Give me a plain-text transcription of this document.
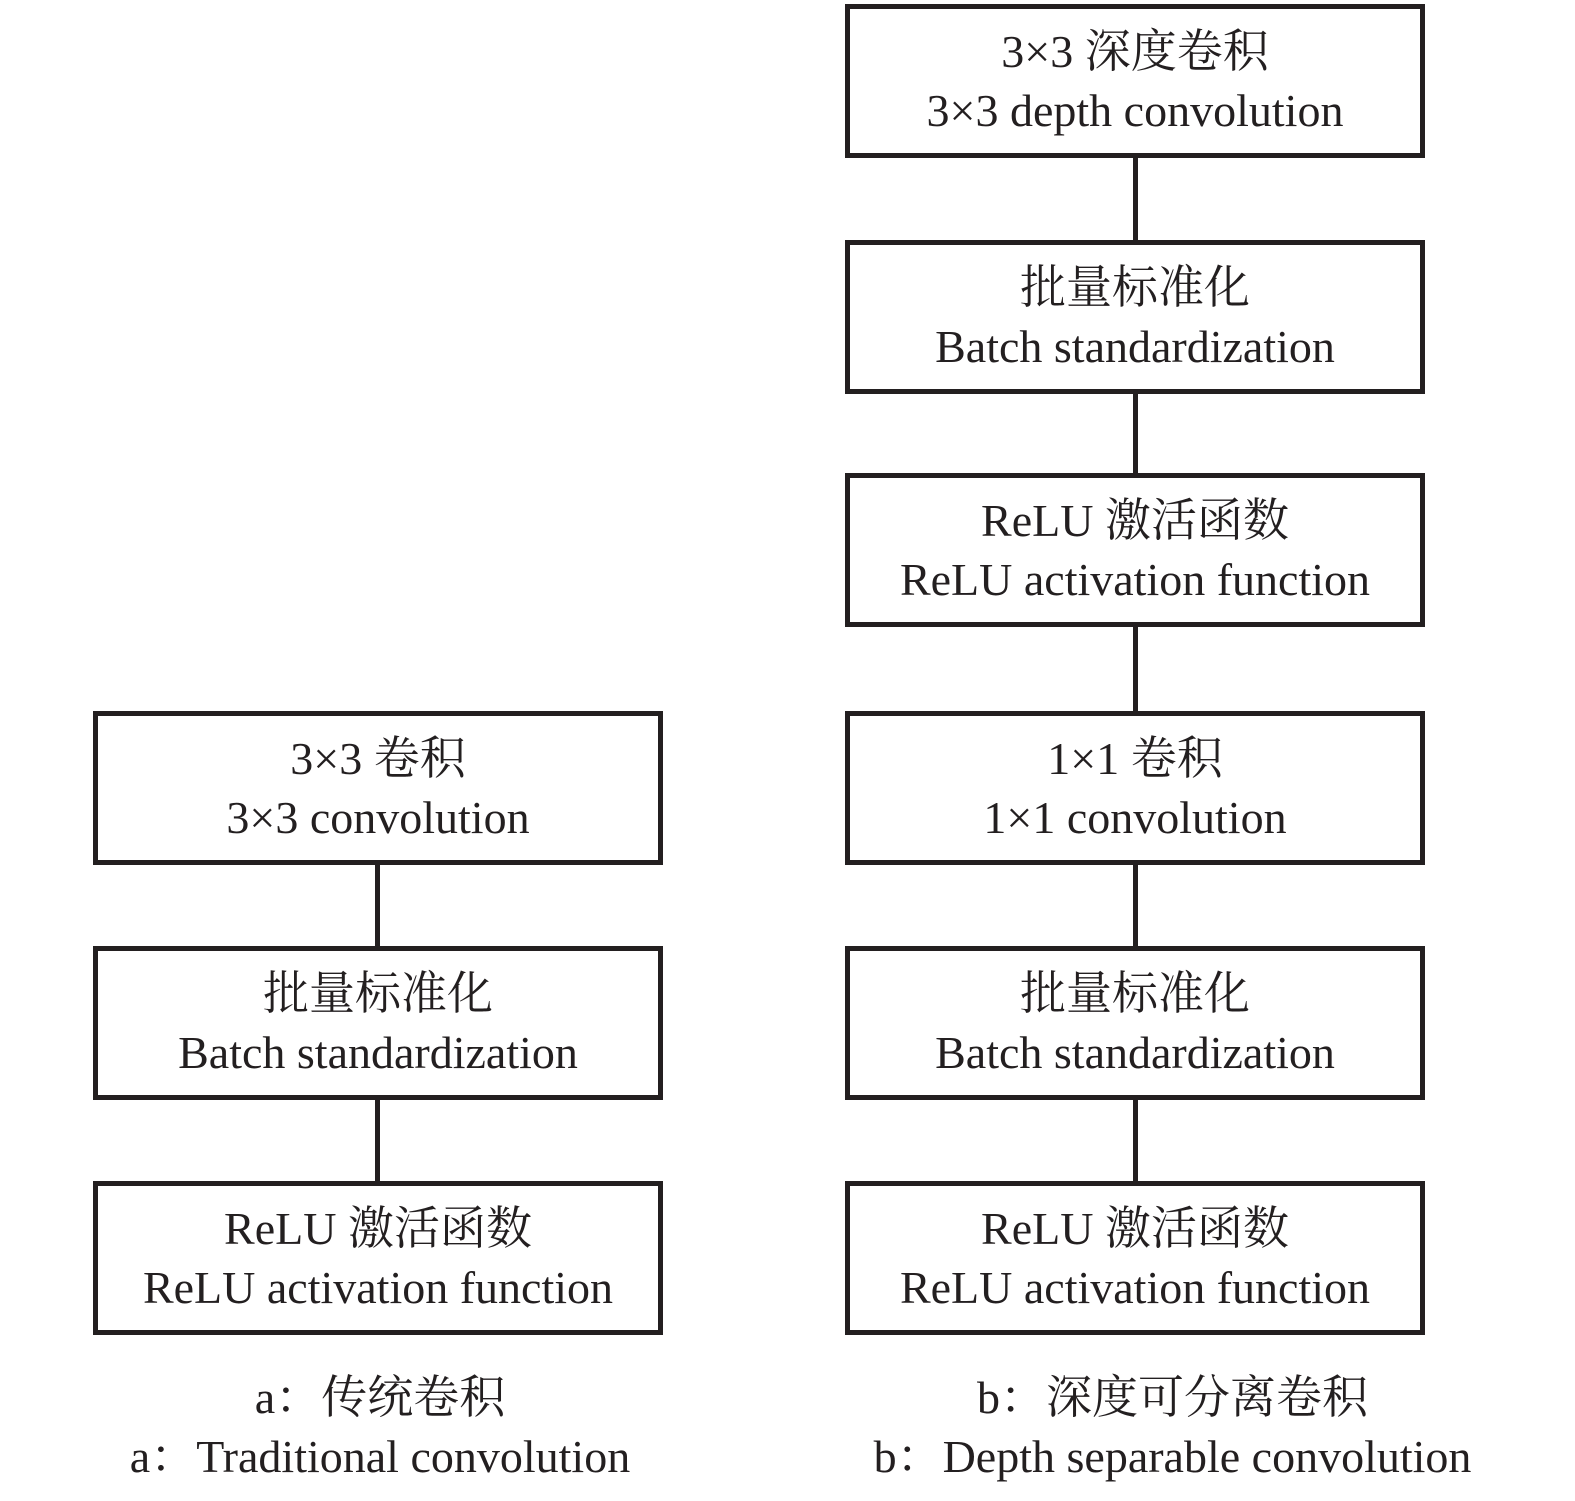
3×3 深度卷积
3×3 depth convolution
批量标准化
Batch standardization
ReLU 激活函数
ReLU activation function
1×1 卷积
1×1 convolution
批量标准化
Batch standardization
ReLU 激活函数
ReLU activation function
3×3 卷积
3×3 convolution
批量标准化
Batch standardization
ReLU 激活函数
ReLU activation function
a：传统卷积
a：Traditional convolution
b：深度可分离卷积
b：Depth separable convolution
